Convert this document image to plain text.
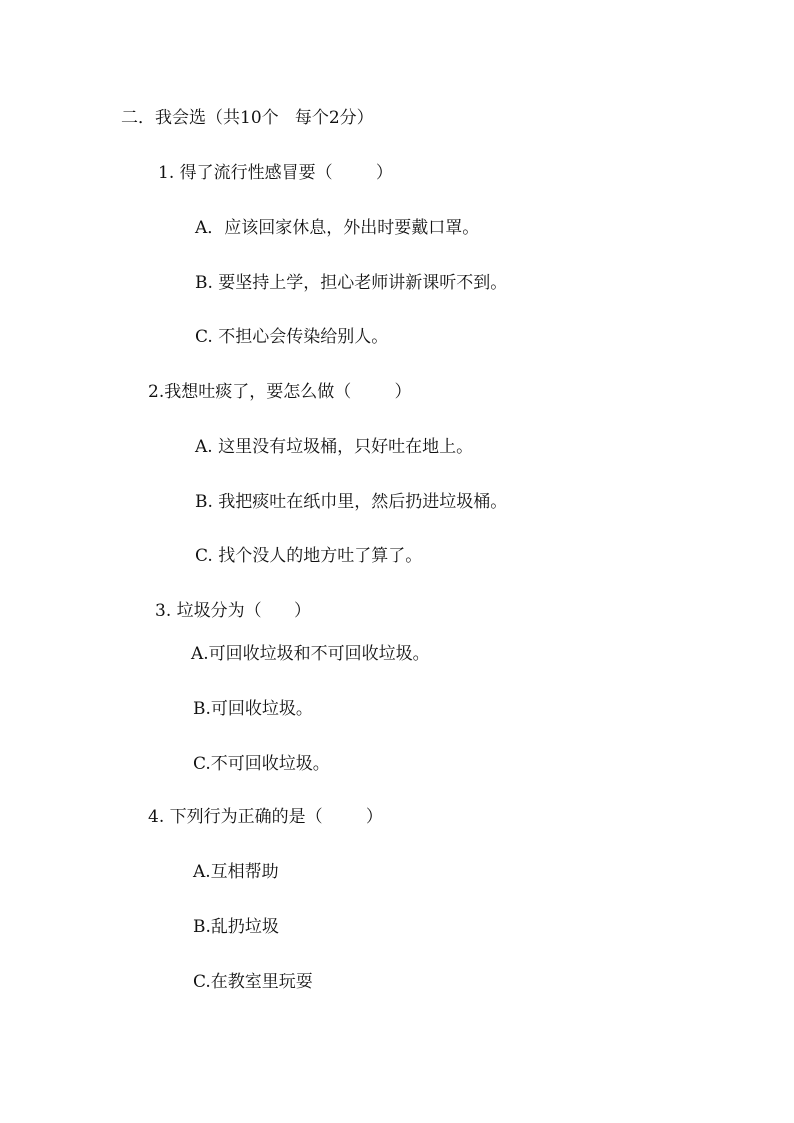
二．我会选（共10个   每个2分）

1. 得了流行性感冒要（        ）

A．应该回家休息，外出时要戴口罩。

B. 要坚持上学，担心老师讲新课听不到。

C. 不担心会传染给别人。

2.我想吐痰了，要怎么做（        ）

A. 这里没有垃圾桶，只好吐在地上。

B. 我把痰吐在纸巾里，然后扔进垃圾桶。

C. 找个没人的地方吐了算了。

3. 垃圾分为（      ）

A.可回收垃圾和不可回收垃圾。

B.可回收垃圾。

C.不可回收垃圾。

4. 下列行为正确的是（        ）

A.互相帮助

B.乱扔垃圾

C.在教室里玩耍
